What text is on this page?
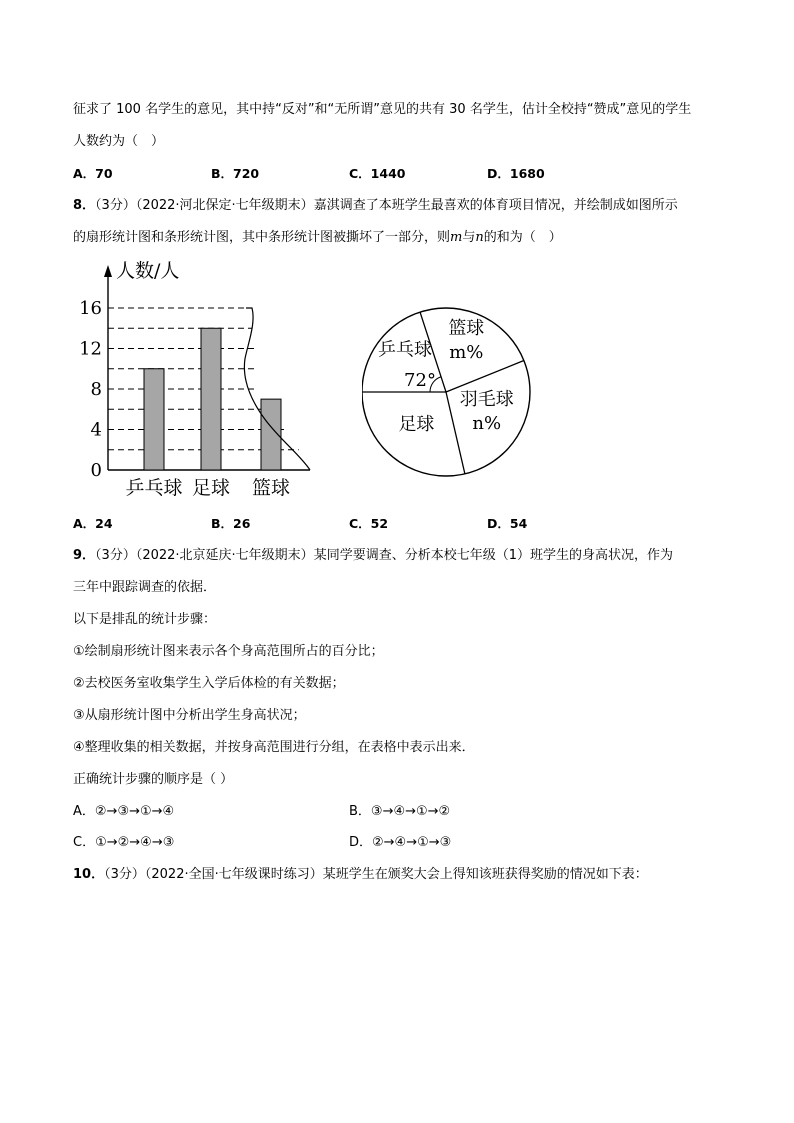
征求了 100 名学生的意见，其中持“反对”和“无所谓”意见的共有 30 名学生，估计全校持“赞成”意见的学生
人数约为（　）
A．70	B．720	C．1440	D．1680
8．（3分）（2022·河北保定·七年级期末）嘉淇调查了本班学生最喜欢的体育项目情况，并绘制成如图所示
的扇形统计图和条形统计图，其中条形统计图被撕坏了一部分，则m与n的和为（　）
人数/人
0
4
8
12
16
乒乓球 足球 篮球
乒乓球
72°
篮球
m%
羽毛球
n%
足球
A．24	B．26	C．52	D．54
9．（3分）（2022·北京延庆·七年级期末）某同学要调查、分析本校七年级（1）班学生的身高状况，作为
三年中跟踪调查的依据．
以下是排乱的统计步骤：
①绘制扇形统计图来表示各个身高范围所占的百分比；
②去校医务室收集学生入学后体检的有关数据；
③从扇形统计图中分析出学生身高状况；
④整理收集的相关数据，并按身高范围进行分组，在表格中表示出来．
正确统计步骤的顺序是（ ）
A．②→③→①→④	B．③→④→①→②
C．①→②→④→③	D．②→④→①→③
10．（3分）（2022·全国·七年级课时练习）某班学生在颁奖大会上得知该班获得奖励的情况如下表：
